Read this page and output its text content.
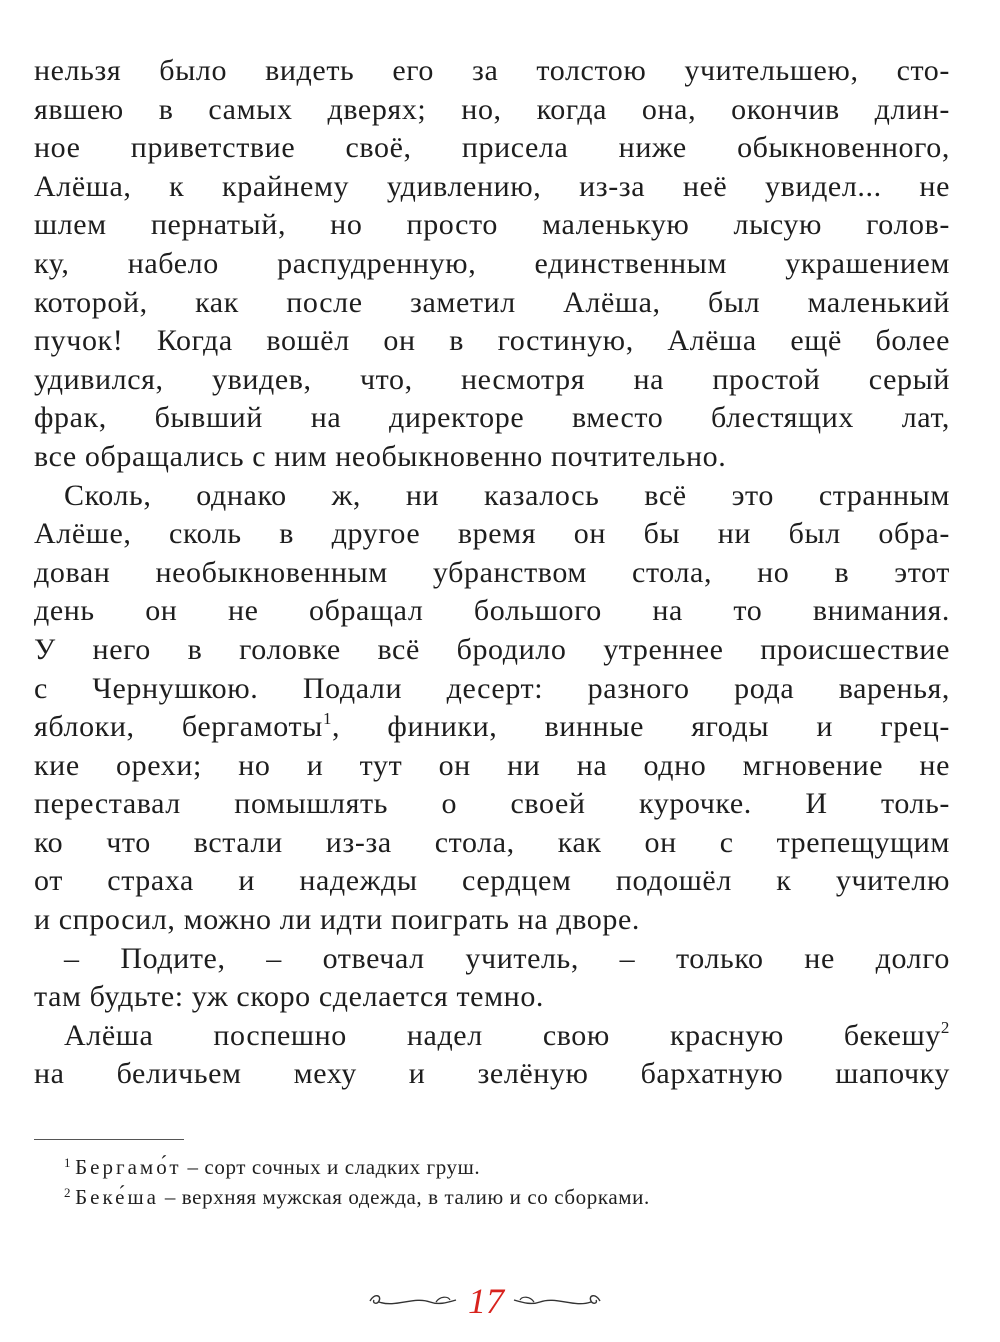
нельзя было видеть его за толстою учительшею, сто-
явшею в самых дверях; но, когда она, окончив длин-
ное приветствие своё, присела ниже обыкновенного,
Алёша, к крайнему удивлению, из-за неё увидел... не
шлем пернатый, но просто маленькую лысую голов-
ку, набело распудренную, единственным украшением
которой, как после заметил Алёша, был маленький
пучок! Когда вошёл он в гостиную, Алёша ещё более
удивился, увидев, что, несмотря на простой серый
фрак, бывший на директоре вместо блестящих лат,
все обращались с ним необыкновенно почтительно.
Сколь, однако ж, ни казалось всё это странным
Алёше, сколь в другое время он бы ни был обра-
дован необыкновенным убранством стола, но в этот
день он не обращал большого на то внимания.
У него в головке всё бродило утреннее происшествие
с Чернушкою. Подали десерт: разного рода варенья,
яблоки, бергамоты$^1$, финики, винные ягоды и грец-
кие орехи; но и тут он ни на одно мгновение не
переставал помышлять о своей курочке. И толь-
ко что встали из-за стола, как он с трепещущим
от страха и надежды сердцем подошёл к учителю
и спросил, можно ли идти поиграть на дворе.
– Подите, – отвечал учитель, – только не долго
там будьте: уж скоро сделается темно.
Алёша поспешно надел свою красную бекешу$^2$
на беличьем меху и зелёную бархатную шапочку
$^1$ Бергамо́т – сорт сочных и сладких груш.
$^2$ Беке́ша – верхняя мужская одежда, в талию и со сборками.
17
